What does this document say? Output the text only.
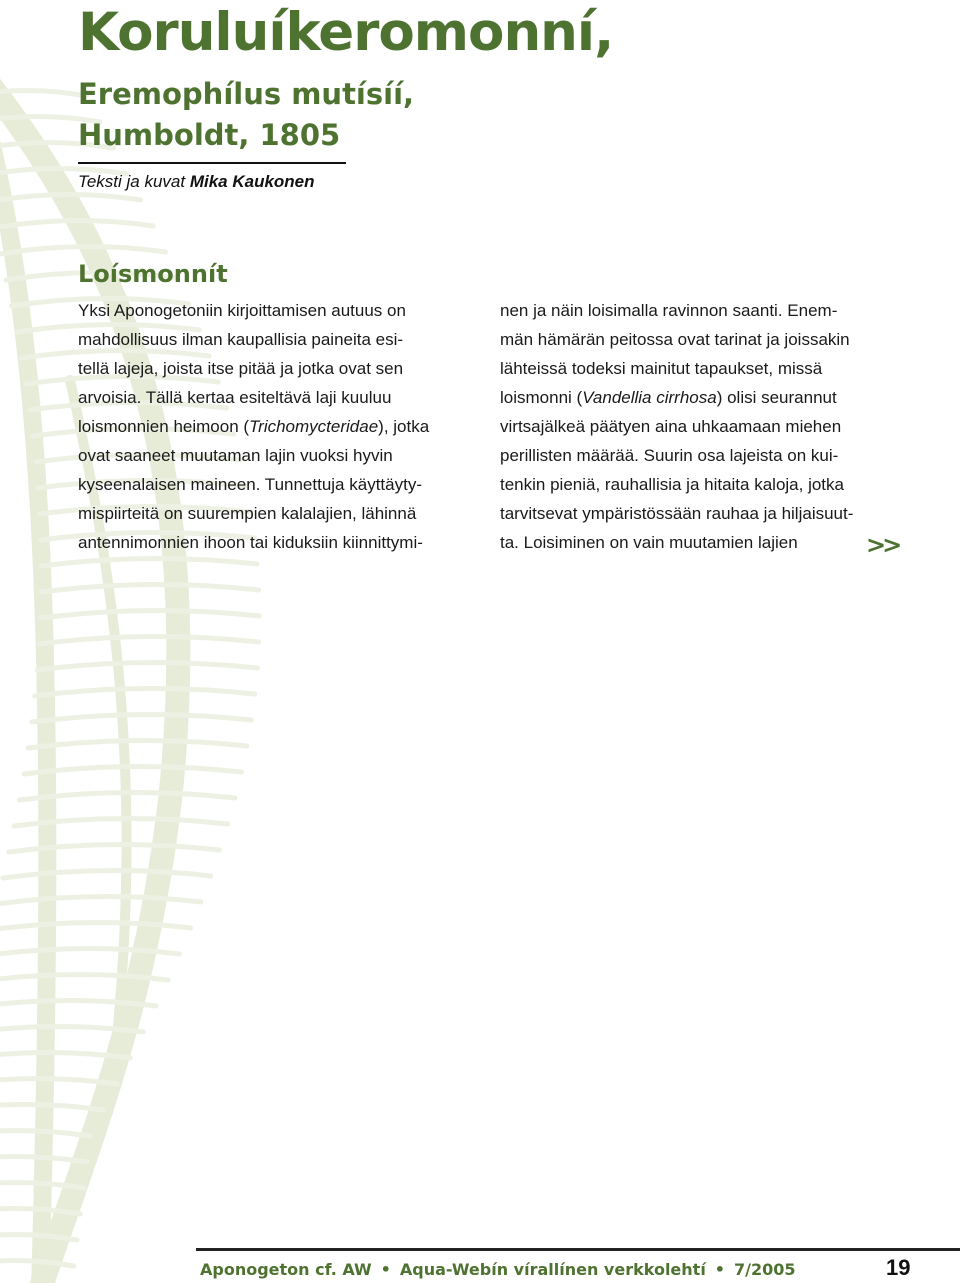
Koruluíkeromonní,
Eremophílus mutísíí,
Humboldt, 1805
Teksti ja kuvat Mika Kaukonen
Loísmonnít
Yksi Aponogetoniin kirjoittamisen autuus on
mahdollisuus ilman kaupallisia paineita esi-
tellä lajeja, joista itse pitää ja jotka ovat sen
arvoisia. Tällä kertaa esiteltävä laji kuuluu
loismonnien heimoon (Trichomycteridae), jotka
ovat saaneet muutaman lajin vuoksi hyvin
kyseenalaisen maineen. Tunnettuja käyttäyty-
mispiirteitä on suurempien kalalajien, lähinnä
antennimonnien ihoon tai kiduksiin kiinnittymi-
nen ja näin loisimalla ravinnon saanti. Enem-
män hämärän peitossa ovat tarinat ja joissakin
lähteissä todeksi mainitut tapaukset, missä
loismonni (Vandellia cirrhosa) olisi seurannut
virtsajälkeä päätyen aina uhkaamaan miehen
perillisten määrää. Suurin osa lajeista on kui-
tenkin pieniä, rauhallisia ja hitaita kaloja, jotka
tarvitsevat ympäristössään rauhaa ja hiljaisuut-
ta. Loisiminen on vain muutamien lajien	>>
Aponogeton cf. AW • Aqua-Webín vírallínen verkkolehtí • 7/2005	19
